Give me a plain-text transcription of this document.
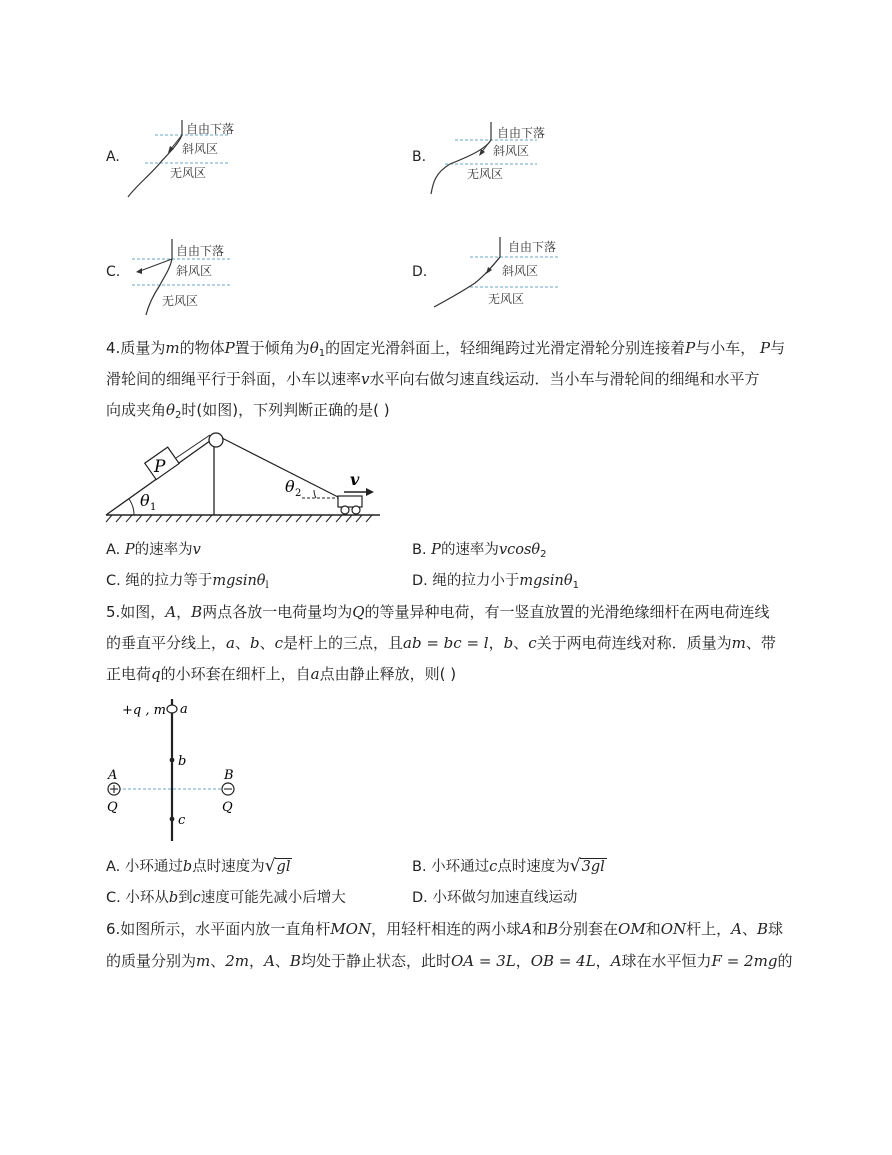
A.
自由下落
斜风区
无风区
B.
自由下落
斜风区
无风区
C.
自由下落
斜风区
无风区
D.
自由下落
斜风区
无风区
4.质量为m的物体P置于倾角为$\theta_1$的固定光滑斜面上，轻细绳跨过光滑定滑轮分别连接着P与小车， P与
滑轮间的细绳平行于斜面，小车以速率v水平向右做匀速直线运动．当小车与滑轮间的细绳和水平方
向成夹角$\theta_2$时(如图)，下列判断正确的是( )
P
θ 1
θ 2
v
A. P的速率为v	B. P的速率为vcosθ$_2$
C. 绳的拉力等于mgsinθ$_l$	D. 绳的拉力小于mgsinθ$_1$
5.如图，A，B两点各放一电荷量均为Q的等量异种电荷，有一竖直放置的光滑绝缘细杆在两电荷连线
的垂直平分线上，a、b、c是杆上的三点，且ab = bc = l，b、c关于两电荷连线对称．质量为m、带
正电荷q的小环套在细杆上，自a点由静止释放，则( )
+q , m a
b
A
Q
B
Q
c
A. 小环通过b点时速度为√gl	B. 小环通过c点时速度为√3gl
C. 小环从b到c速度可能先减小后增大	D. 小环做匀加速直线运动
6.如图所示，水平面内放一直角杆MON，用轻杆相连的两小球A和B分别套在OM和ON杆上，A、B球
的质量分别为m、2m，A、B均处于静止状态，此时OA = 3L，OB = 4L，A球在水平恒力F = 2mg的
